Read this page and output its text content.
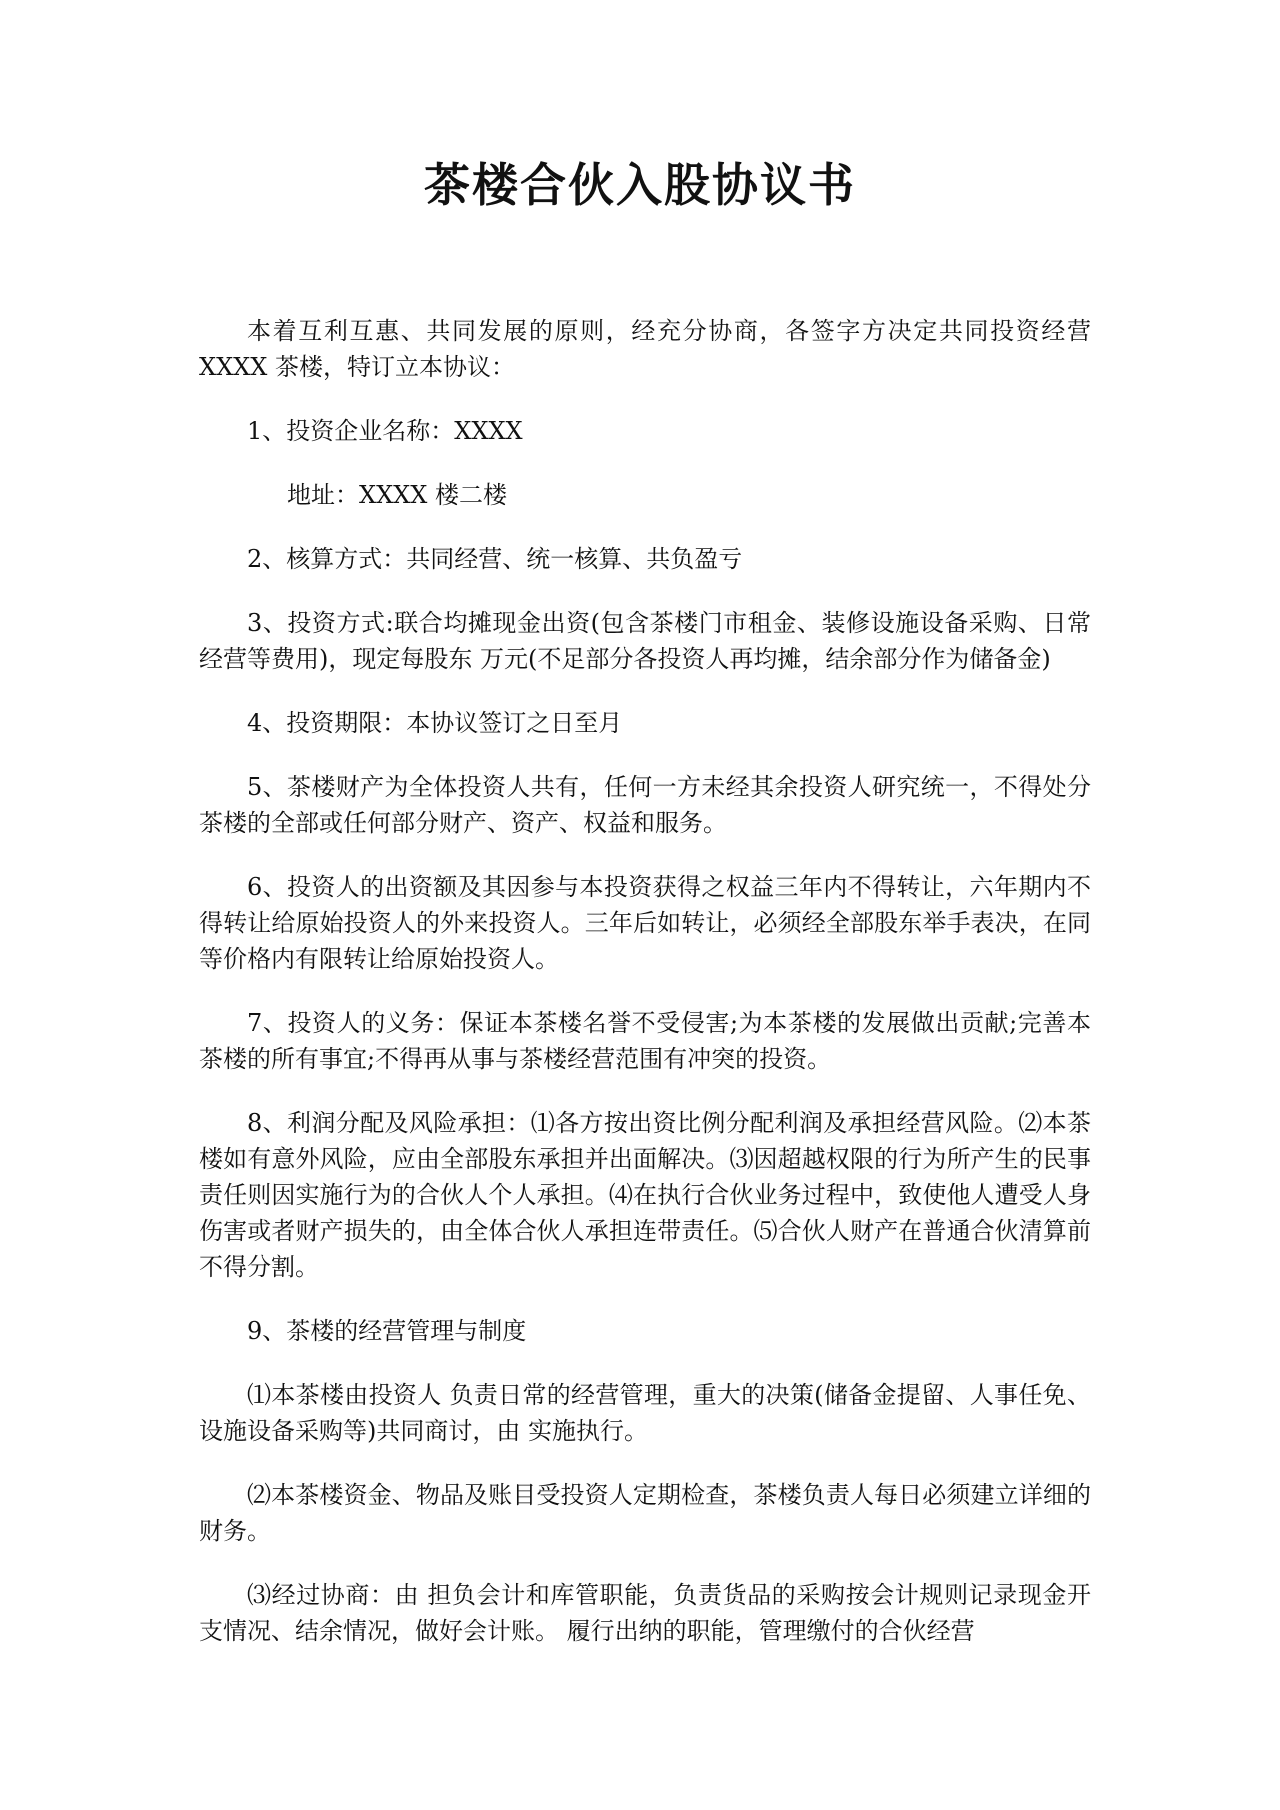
茶楼合伙入股协议书

本着互利互惠、共同发展的原则，经充分协商，各签字方决定共同投资经营 XXXX 茶楼，特订立本协议：

1、投资企业名称：XXXX

地址：XXXX 楼二楼

2、核算方式：共同经营、统一核算、共负盈亏

3、投资方式:联合均摊现金出资(包含茶楼门市租金、装修设施设备采购、日常经营等费用)，现定每股东 万元(不足部分各投资人再均摊，结余部分作为储备金)

4、投资期限：本协议签订之日至月

5、茶楼财产为全体投资人共有，任何一方未经其余投资人研究统一，不得处分茶楼的全部或任何部分财产、资产、权益和服务。

6、投资人的出资额及其因参与本投资获得之权益三年内不得转让，六年期内不得转让给原始投资人的外来投资人。三年后如转让，必须经全部股东举手表决，在同等价格内有限转让给原始投资人。

7、投资人的义务：保证本茶楼名誉不受侵害;为本茶楼的发展做出贡献;完善本茶楼的所有事宜;不得再从事与茶楼经营范围有冲突的投资。

8、利润分配及风险承担：⑴各方按出资比例分配利润及承担经营风险。⑵本茶楼如有意外风险，应由全部股东承担并出面解决。⑶因超越权限的行为所产生的民事责任则因实施行为的合伙人个人承担。⑷在执行合伙业务过程中，致使他人遭受人身伤害或者财产损失的，由全体合伙人承担连带责任。⑸合伙人财产在普通合伙清算前不得分割。

9、茶楼的经营管理与制度

⑴本茶楼由投资人 负责日常的经营管理，重大的决策(储备金提留、人事任免、设施设备采购等)共同商讨，由 实施执行。

⑵本茶楼资金、物品及账目受投资人定期检查，茶楼负责人每日必须建立详细的财务。

⑶经过协商：由 担负会计和库管职能，负责货品的采购按会计规则记录现金开支情况、结余情况，做好会计账。 履行出纳的职能，管理缴付的合伙经营
